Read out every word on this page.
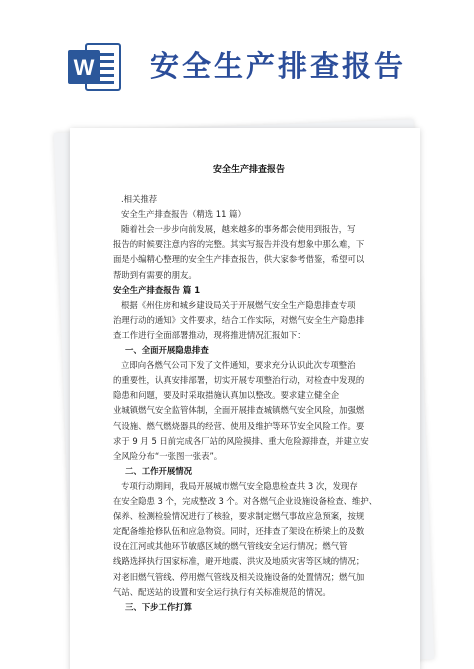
W 安全生产排查报告
安全生产排查报告
.相关推荐
安全生产排查报告（精选 11 篇）
随着社会一步步向前发展，越来越多的事务都会使用到报告，写
报告的时候要注意内容的完整。其实写报告并没有想象中那么难，下
面是小编精心整理的安全生产排查报告，供大家参考借鉴，希望可以
帮助到有需要的朋友。
安全生产排查报告 篇 1
根据《州住房和城乡建设局关于开展燃气安全生产隐患排查专项
治理行动的通知》文件要求，结合工作实际，对燃气安全生产隐患排
查工作进行全面部署推动，现将推进情况汇报如下：
一、全面开展隐患排查
立即向各燃气公司下发了文件通知，要求充分认识此次专项整治
的重要性，认真安排部署，切实开展专项整治行动，对检查中发现的
隐患和问题，要及时采取措施认真加以整改。要求建立健全企
业城镇燃气安全监管体制，全面开展排查城镇燃气安全风险，加强燃
气设施、燃气燃烧器具的经营、使用及维护等环节安全风险工作。要
求于 9 月 5 日前完成各厂站的风险摸排、重大危险源排查，并建立安
全风险分布“一张图一张表”。
二、工作开展情况
专项行动期间，我局开展城市燃气安全隐患检查共 3 次，发现存
在安全隐患 3 个，完成整改 3 个。对各燃气企业设施设备检查、维护、
保养、检测检验情况进行了核验，要求制定燃气事故应急预案，按规
定配备维抢修队伍和应急物资。同时，还排查了架设在桥梁上的及数
设在江河或其他环节敏感区域的燃气管线安全运行情况；燃气管
线路选择执行国家标准，避开地震、洪灾及地质灾害等区域的情况；
对老旧燃气管线、停用燃气管线及相关设施设备的处置情况；燃气加
气站、配送站的设置和安全运行执行有关标准规范的情况。
三、下步工作打算
